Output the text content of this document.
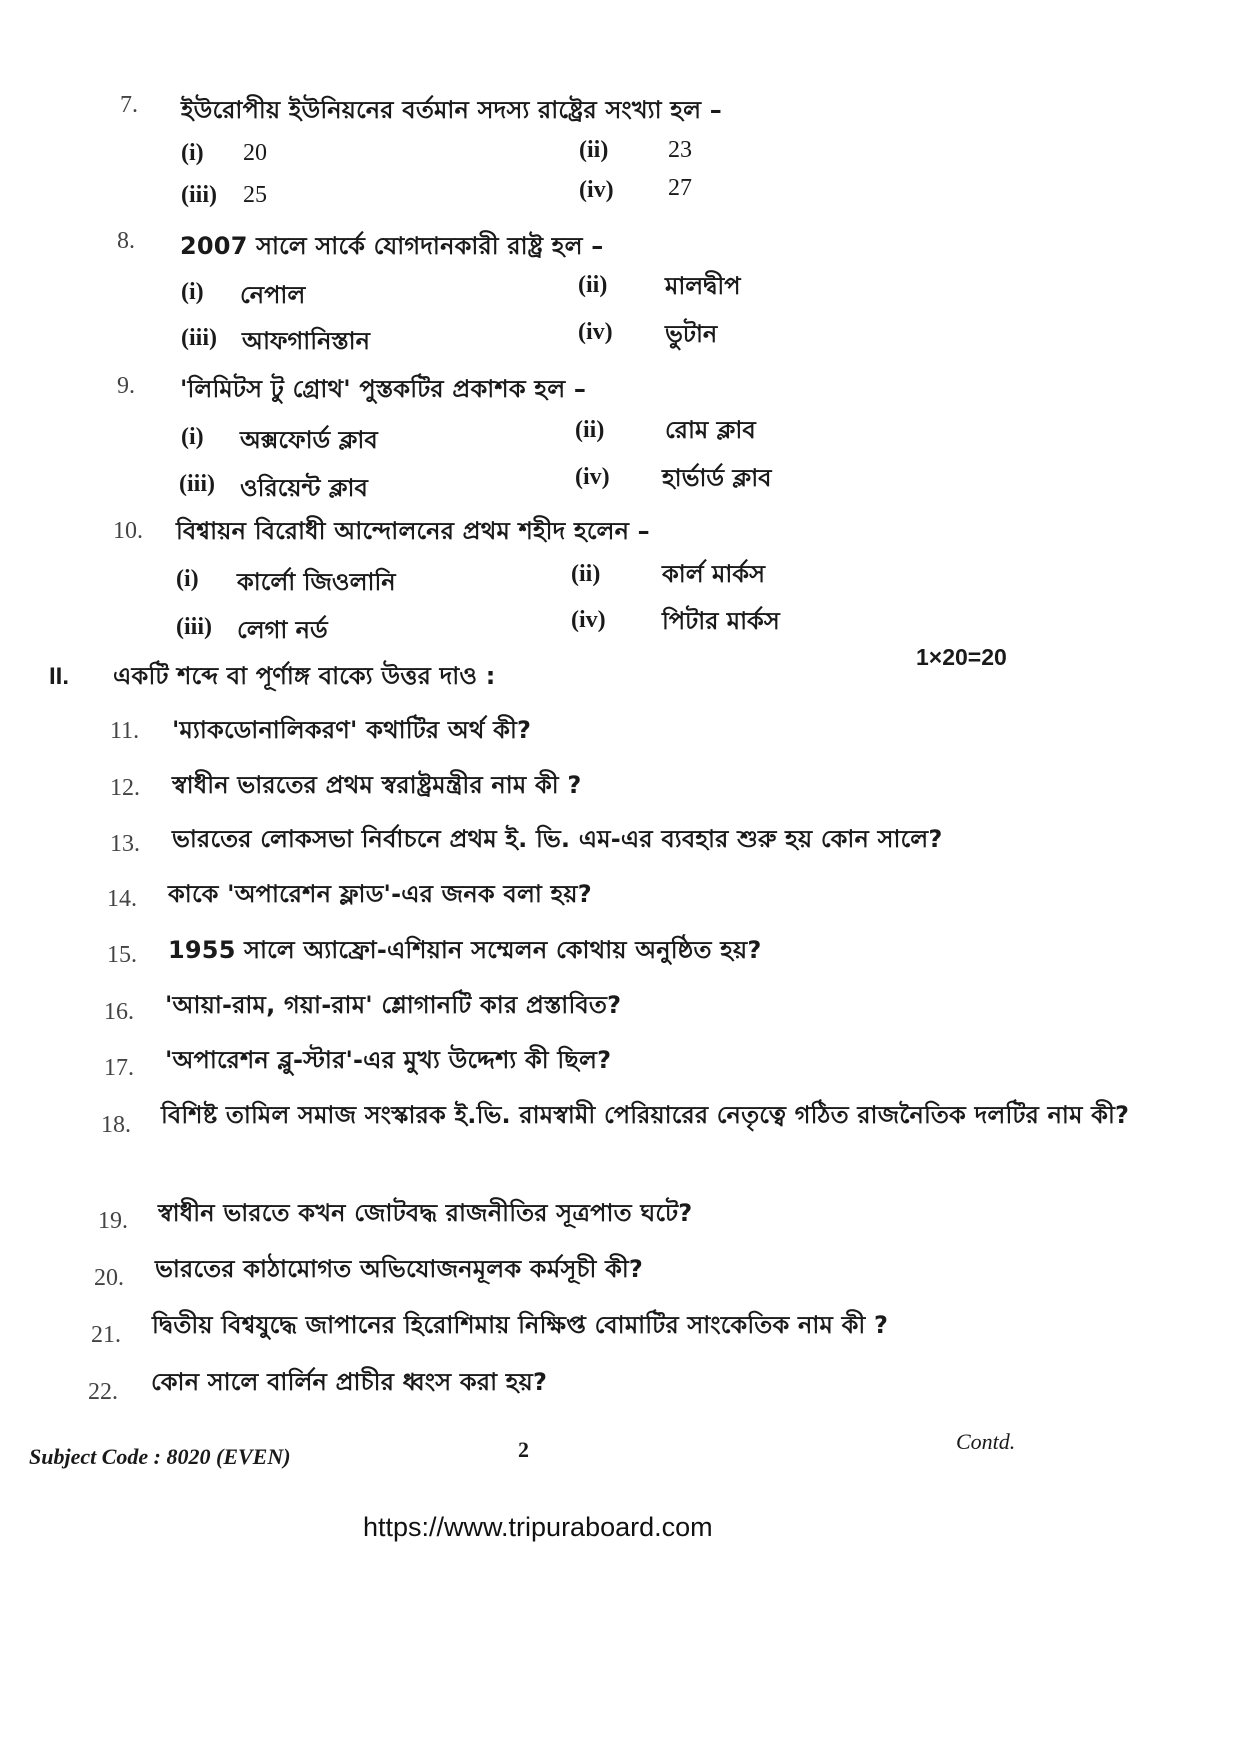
7. ইউরোপীয় ইউনিয়নের বর্তমান সদস্য রাষ্ট্রের সংখ্যা হল –
(i) 20	(ii) 23
(iii) 25	(iv) 27
8. 2007 সালে সার্কে যোগদানকারী রাষ্ট্র হল –
(i) নেপাল	(ii) মালদ্বীপ
(iii) আফগানিস্তান	(iv) ভুটান
9. 'লিমিটস টু গ্রোথ' পুস্তকটির প্রকাশক হল –
(i) অক্সফোর্ড ক্লাব	(ii)	রোম ক্লাব
(iii) ওরিয়েন্ট ক্লাব	(iv) হার্ভার্ড ক্লাব
10. বিশ্বায়ন বিরোধী আন্দোলনের প্রথম শহীদ হলেন –
(i) কার্লো জিওলানি	(ii)	কার্ল মার্কস
(iii) লেগা নর্ড	(iv) পিটার মার্কস
II. একটি শব্দে বা পূর্ণাঙ্গ বাক্যে উত্তর দাও :
1×20=20
11. 'ম্যাকডোনালিকরণ' কথাটির অর্থ কী?
12. স্বাধীন ভারতের প্রথম স্বরাষ্ট্রমন্ত্রীর নাম কী ?
13. ভারতের লোকসভা নির্বাচনে প্রথম ই. ভি. এম-এর ব্যবহার শুরু হয় কোন সালে?
14. কাকে 'অপারেশন ফ্লাড'-এর জনক বলা হয়?
15. 1955 সালে অ্যাফ্রো-এশিয়ান সম্মেলন কোথায় অনুষ্ঠিত হয়?
16. 'আয়া-রাম, গয়া-রাম' শ্লোগানটি কার প্রস্তাবিত?
17. 'অপারেশন ব্লু-স্টার'-এর মুখ্য উদ্দেশ্য কী ছিল?
18. বিশিষ্ট তামিল সমাজ সংস্কারক ই.ভি. রামস্বামী পেরিয়ারের নেতৃত্বে গঠিত রাজনৈতিক দলটির নাম কী?
19. স্বাধীন ভারতে কখন জোটবদ্ধ রাজনীতির সূত্রপাত ঘটে?
20. ভারতের কাঠামোগত অভিযোজনমূলক কর্মসূচী কী?
21. দ্বিতীয় বিশ্বযুদ্ধে জাপানের হিরোশিমায় নিক্ষিপ্ত বোমাটির সাংকেতিক নাম কী ?
22. কোন সালে বার্লিন প্রাচীর ধ্বংস করা হয়?
Subject Code : 8020 (EVEN)	2	Contd.
https://www.tripuraboard.com
